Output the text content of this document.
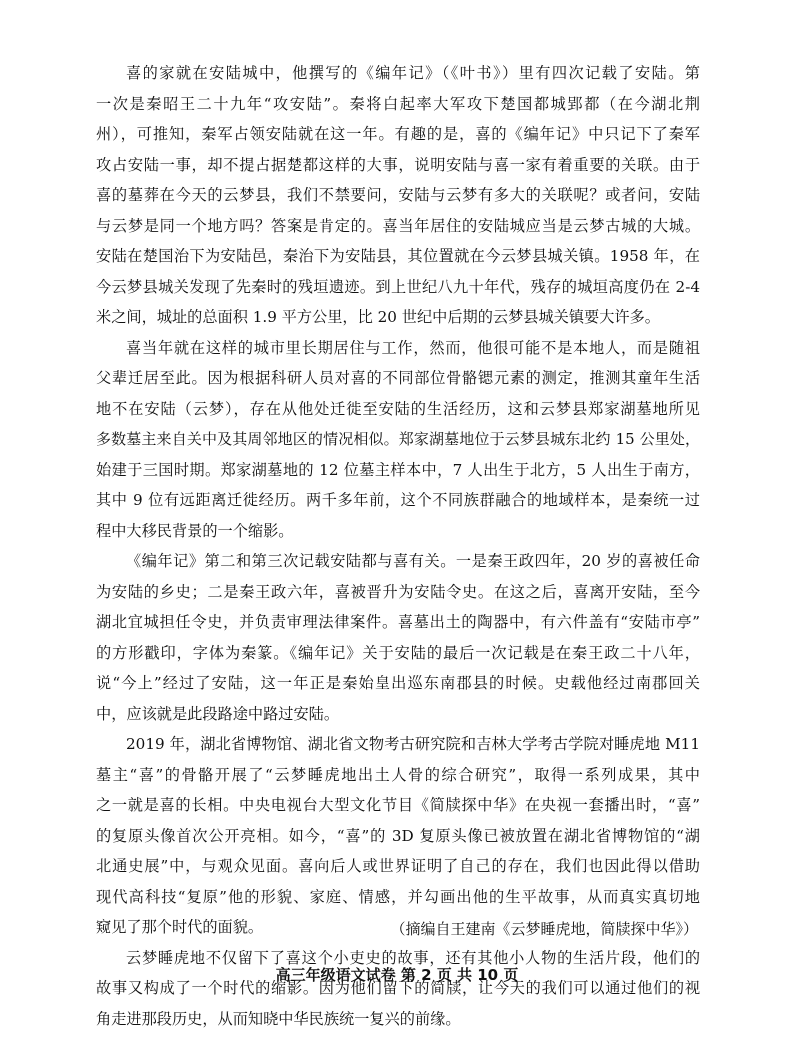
喜的家就在安陆城中，他撰写的《编年记》（《叶书》）里有四次记载了安陆。第
一次是秦昭王二十九年“攻安陆”。秦将白起率大军攻下楚国都城郢都（在今湖北荆
州），可推知，秦军占领安陆就在这一年。有趣的是，喜的《编年记》中只记下了秦军
攻占安陆一事，却不提占据楚都这样的大事，说明安陆与喜一家有着重要的关联。由于
喜的墓葬在今天的云梦县，我们不禁要问，安陆与云梦有多大的关联呢？或者问，安陆
与云梦是同一个地方吗？答案是肯定的。喜当年居住的安陆城应当是云梦古城的大城。
安陆在楚国治下为安陆邑，秦治下为安陆县，其位置就在今云梦县城关镇。1958 年，在
今云梦县城关发现了先秦时的残垣遗迹。到上世纪八九十年代，残存的城垣高度仍在 2-4
米之间，城址的总面积 1.9 平方公里，比 20 世纪中后期的云梦县城关镇要大许多。
喜当年就在这样的城市里长期居住与工作，然而，他很可能不是本地人，而是随祖
父辈迁居至此。因为根据科研人员对喜的不同部位骨骼锶元素的测定，推测其童年生活
地不在安陆（云梦），存在从他处迁徙至安陆的生活经历，这和云梦县郑家湖墓地所见
多数墓主来自关中及其周邻地区的情况相似。郑家湖墓地位于云梦县城东北约 15 公里处，
始建于三国时期。郑家湖墓地的 12 位墓主样本中，7 人出生于北方，5 人出生于南方，
其中 9 位有远距离迁徙经历。两千多年前，这个不同族群融合的地域样本，是秦统一过
程中大移民背景的一个缩影。
《编年记》第二和第三次记载安陆都与喜有关。一是秦王政四年，20 岁的喜被任命
为安陆的乡史；二是秦王政六年，喜被晋升为安陆令史。在这之后，喜离开安陆，至今
湖北宜城担任令史，并负责审理法律案件。喜墓出土的陶器中，有六件盖有“安陆市亭”
的方形戳印，字体为秦篆。《编年记》关于安陆的最后一次记载是在秦王政二十八年，
说“今上”经过了安陆，这一年正是秦始皇出巡东南郡县的时候。史载他经过南郡回关
中，应该就是此段路途中路过安陆。
2019 年，湖北省博物馆、湖北省文物考古研究院和吉林大学考古学院对睡虎地 M11
墓主“喜”的骨骼开展了“云梦睡虎地出土人骨的综合研究”，取得一系列成果，其中
之一就是喜的长相。中央电视台大型文化节目《简牍探中华》在央视一套播出时，“喜”
的复原头像首次公开亮相。如今，“喜”的 3D 复原头像已被放置在湖北省博物馆的“湖
北通史展”中，与观众见面。喜向后人或世界证明了自己的存在，我们也因此得以借助
现代高科技“复原”他的形貌、家庭、情感，并勾画出他的生平故事，从而真实真切地
窥见了那个时代的面貌。
云梦睡虎地不仅留下了喜这个小吏史的故事，还有其他小人物的生活片段，他们的
故事又构成了一个时代的缩影。因为他们留下的简牍，让今天的我们可以通过他们的视
角走进那段历史，从而知晓中华民族统一复兴的前缘。
（摘编自王建南《云梦睡虎地，简牍探中华》）
高三年级语文试卷 第 2 页 共 10 页
